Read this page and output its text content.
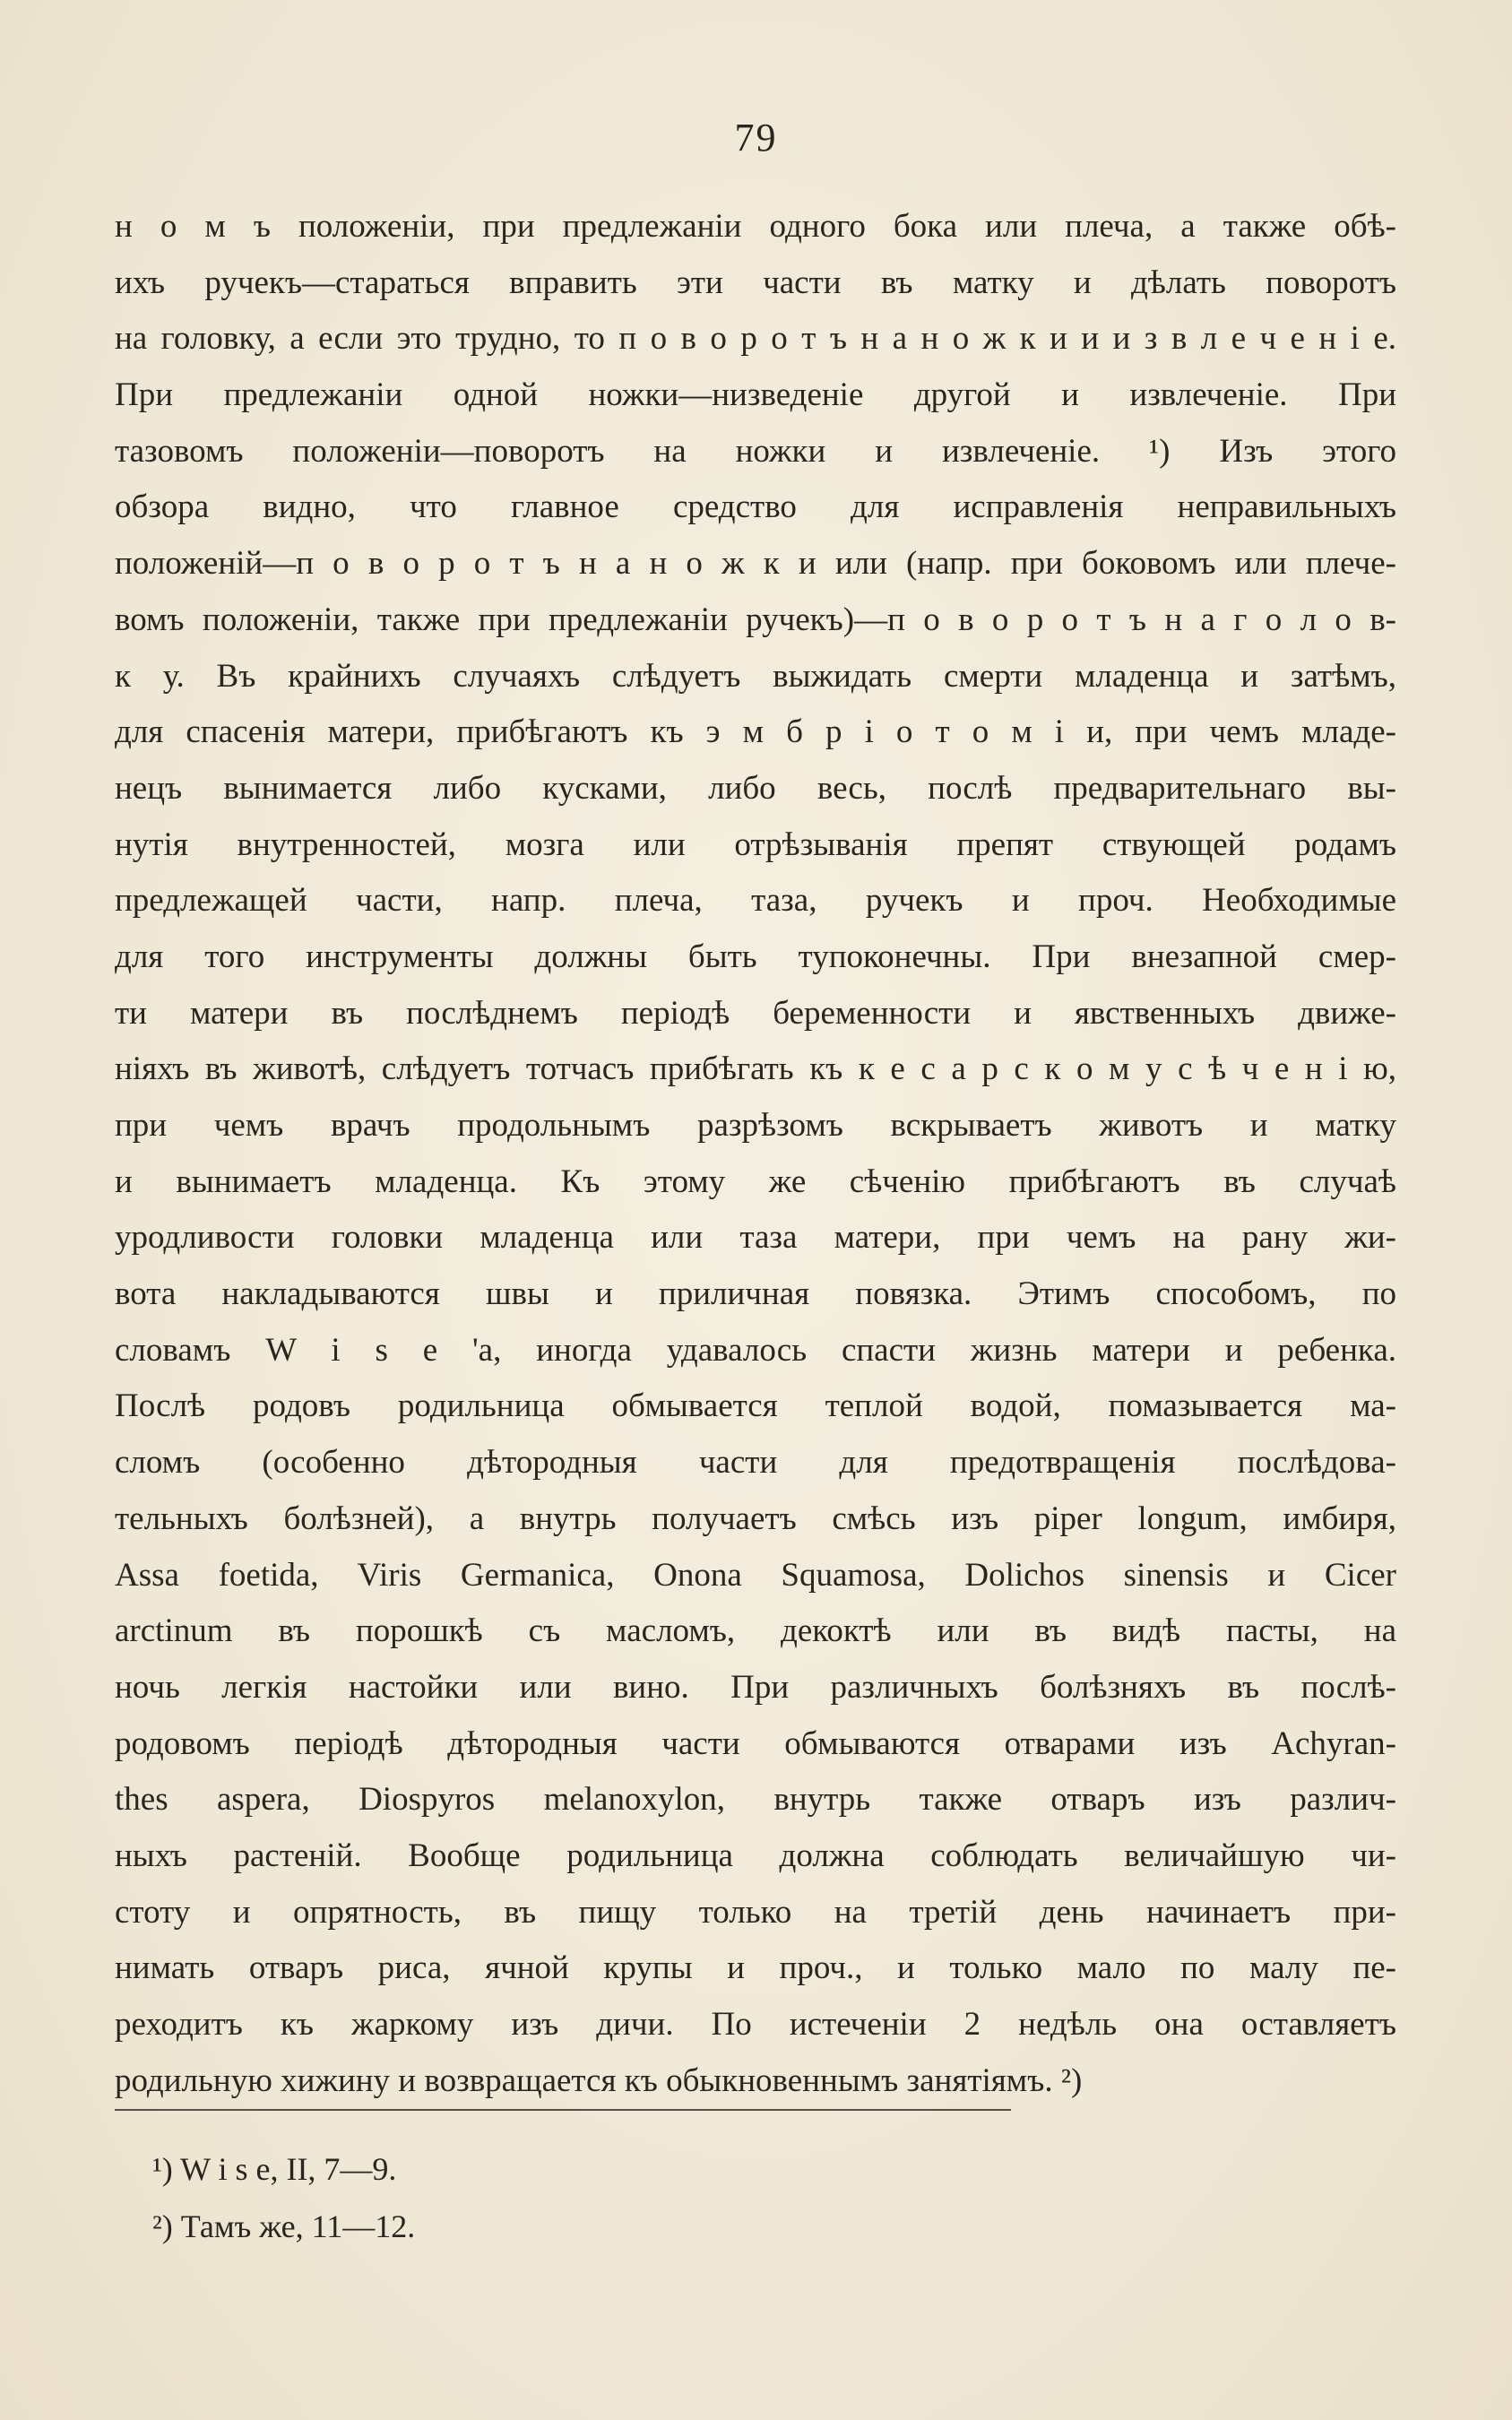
79
н о м ъ положеніи, при предлежаніи одного бока или плеча, а также обѣ-
ихъ ручекъ—стараться вправить эти части въ матку и дѣлать поворотъ
на головку, а если это трудно, то п о в о р о т ъ н а н о ж к и и и з в л е ч е н і е.
При предлежаніи одной ножки—низведеніе другой и извлеченіе. При
тазовомъ положеніи—поворотъ на ножки и извлеченіе. ¹) Изъ этого
обзора видно, что главное средство для исправленія неправильныхъ
положеній—п о в о р о т ъ н а н о ж к и или (напр. при боковомъ или плече-
вомъ положеніи, также при предлежаніи ручекъ)—п о в о р о т ъ н а г о л о в-
к у. Въ крайнихъ случаяхъ слѣдуетъ выжидать смерти младенца и затѣмъ,
для спасенія матери, прибѣгаютъ къ э м б р і о т о м і и, при чемъ младе-
нецъ вынимается либо кусками, либо весь, послѣ предварительнаго вы-
нутія внутренностей, мозга или отрѣзыванія препят ствующей родамъ
предлежащей части, напр. плеча, таза, ручекъ и проч. Необходимые
для того инструменты должны быть тупоконечны. При внезапной смер-
ти матери въ послѣднемъ періодѣ беременности и явственныхъ движе-
ніяхъ въ животѣ, слѣдуетъ тотчасъ прибѣгать къ к е с а р с к о м у с ѣ ч е н і ю,
при чемъ врачъ продольнымъ разрѣзомъ вскрываетъ животъ и матку
и вынимаетъ младенца. Къ этому же сѣченію прибѣгаютъ въ случаѣ
уродливости головки младенца или таза матери, при чемъ на рану жи-
вота накладываются швы и приличная повязка. Этимъ способомъ, по
словамъ W i s e 'а, иногда удавалось спасти жизнь матери и ребенка.
Послѣ родовъ родильница обмывается теплой водой, помазывается ма-
сломъ (особенно дѣтородныя части для предотвращенія послѣдова-
тельныхъ болѣзней), а внутрь получаетъ смѣсь изъ piper longum, имбиря,
Assa foetida, Viris Germanica, Onona Squamosa, Dolichos sinensis и Cicer
arctinum въ порошкѣ съ масломъ, декоктѣ или въ видѣ пасты, на
ночь легкія настойки или вино. При различныхъ болѣзняхъ въ послѣ-
родовомъ періодѣ дѣтородныя части обмываются отварами изъ Achyran-
thes aspera, Diospyros melanoxylon, внутрь также отваръ изъ различ-
ныхъ растеній. Вообще родильница должна соблюдать величайшую чи-
стоту и опрятность, въ пищу только на третій день начинаетъ при-
нимать отваръ риса, ячной крупы и проч., и только мало по малу пе-
реходитъ къ жаркому изъ дичи. По истеченіи 2 недѣль она оставляетъ
родильную хижину и возвращается къ обыкновеннымъ занятіямъ. ²)
¹) W i s e, II, 7—9.
²) Тамъ же, 11—12.
